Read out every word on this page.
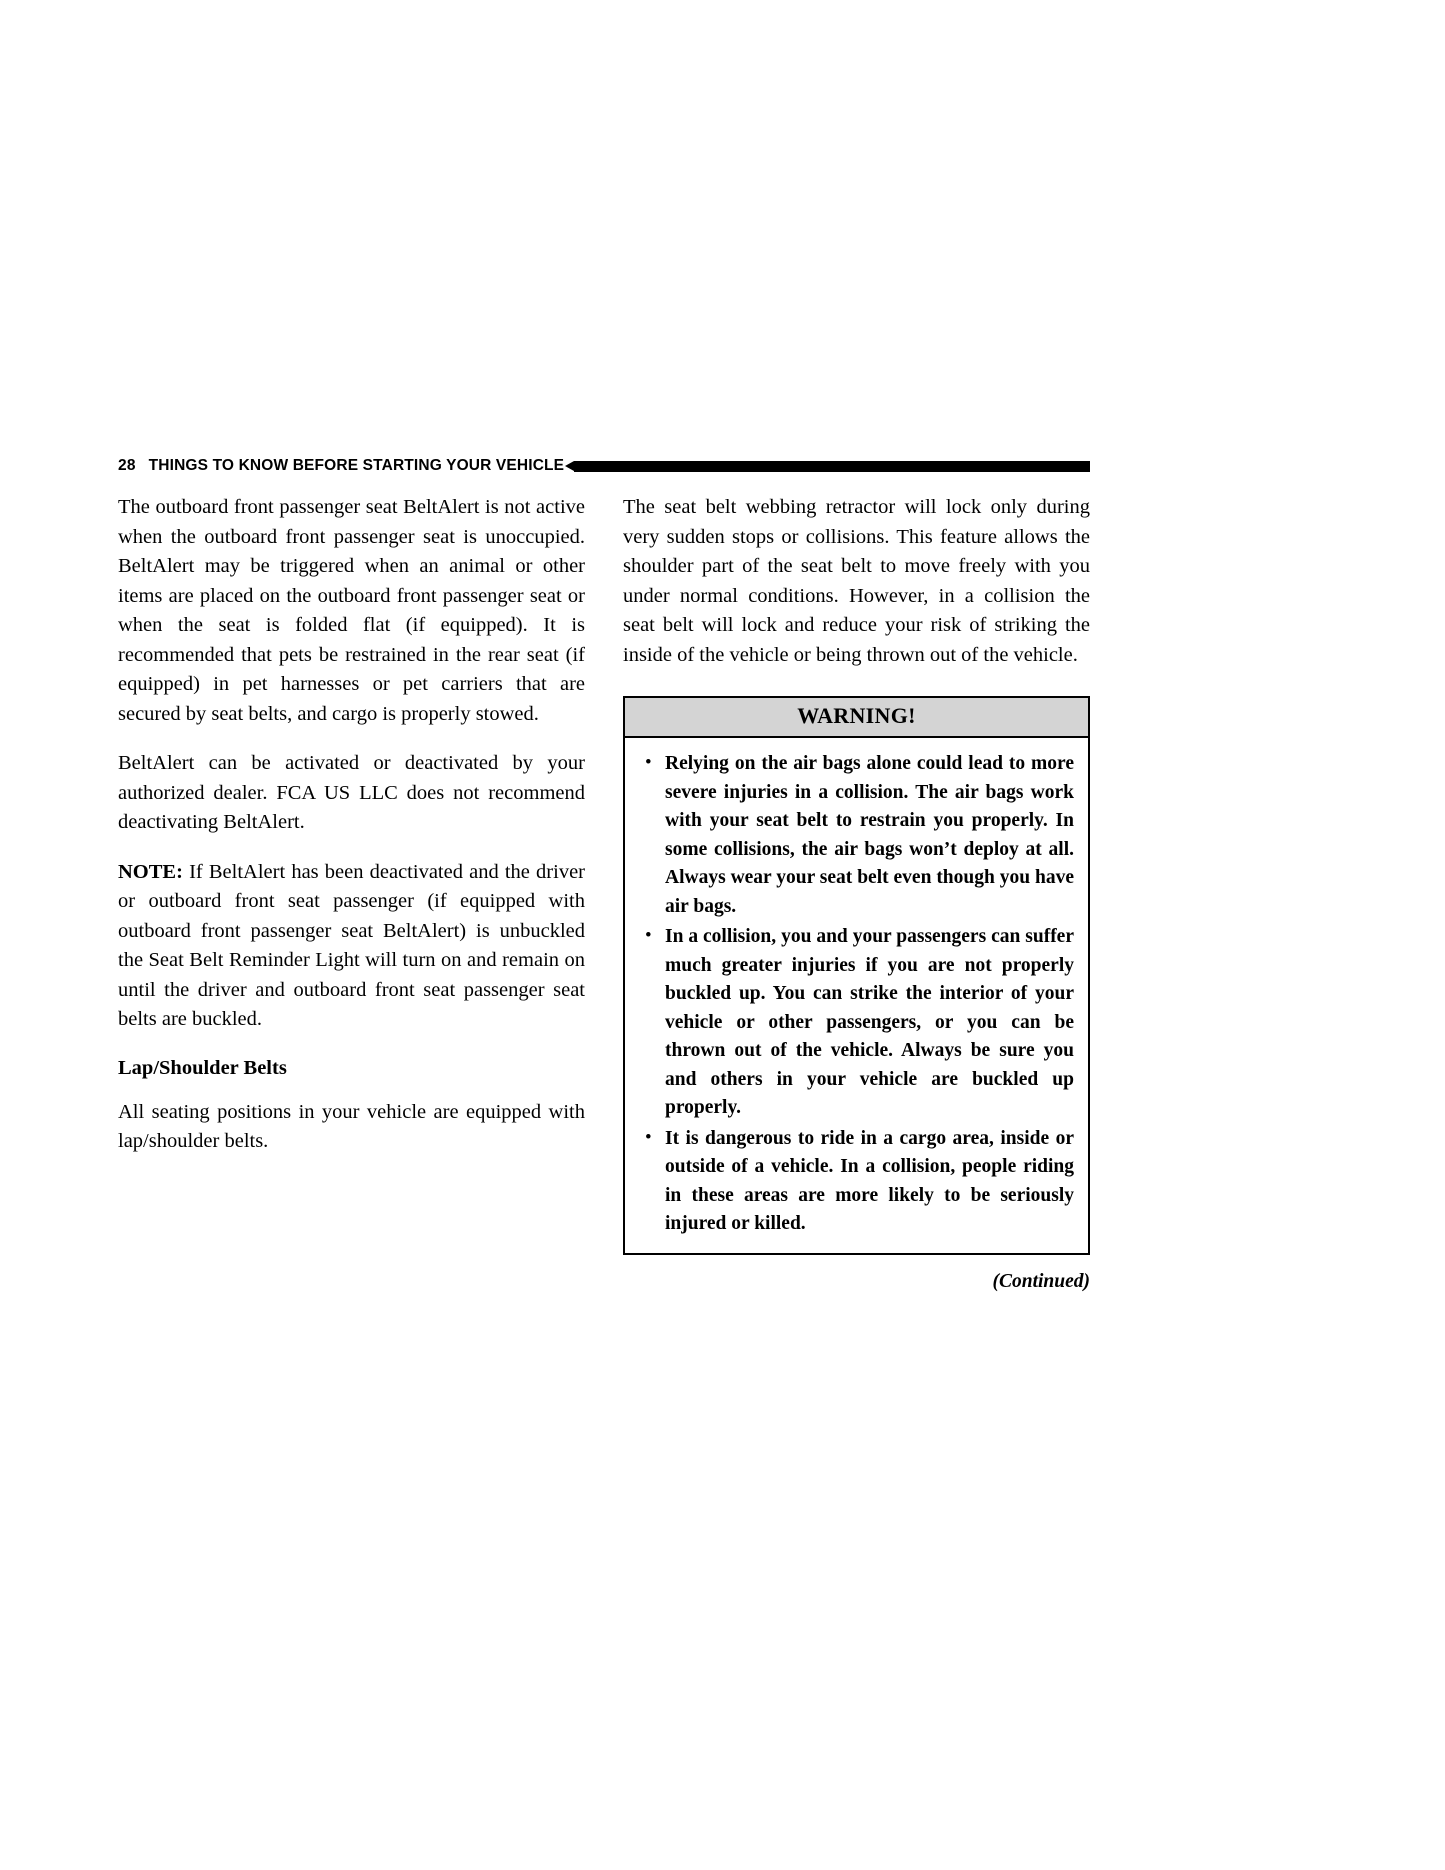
28 THINGS TO KNOW BEFORE STARTING YOUR VEHICLE

The outboard front passenger seat BeltAlert is not active when the outboard front passenger seat is unoccupied. BeltAlert may be triggered when an animal or other items are placed on the outboard front passenger seat or when the seat is folded flat (if equipped). It is recommended that pets be restrained in the rear seat (if equipped) in pet harnesses or pet carriers that are secured by seat belts, and cargo is properly stowed.

BeltAlert can be activated or deactivated by your authorized dealer. FCA US LLC does not recommend deactivating BeltAlert.

NOTE: If BeltAlert has been deactivated and the driver or outboard front seat passenger (if equipped with outboard front passenger seat BeltAlert) is unbuckled the Seat Belt Reminder Light will turn on and remain on until the driver and outboard front seat passenger seat belts are buckled.

Lap/Shoulder Belts

All seating positions in your vehicle are equipped with lap/shoulder belts.

The seat belt webbing retractor will lock only during very sudden stops or collisions. This feature allows the shoulder part of the seat belt to move freely with you under normal conditions. However, in a collision the seat belt will lock and reduce your risk of striking the inside of the vehicle or being thrown out of the vehicle.

WARNING!
• Relying on the air bags alone could lead to more severe injuries in a collision. The air bags work with your seat belt to restrain you properly. In some collisions, the air bags won’t deploy at all. Always wear your seat belt even though you have air bags.
• In a collision, you and your passengers can suffer much greater injuries if you are not properly buckled up. You can strike the interior of your vehicle or other passengers, or you can be thrown out of the vehicle. Always be sure you and others in your vehicle are buckled up properly.
• It is dangerous to ride in a cargo area, inside or outside of a vehicle. In a collision, people riding in these areas are more likely to be seriously injured or killed.
(Continued)
